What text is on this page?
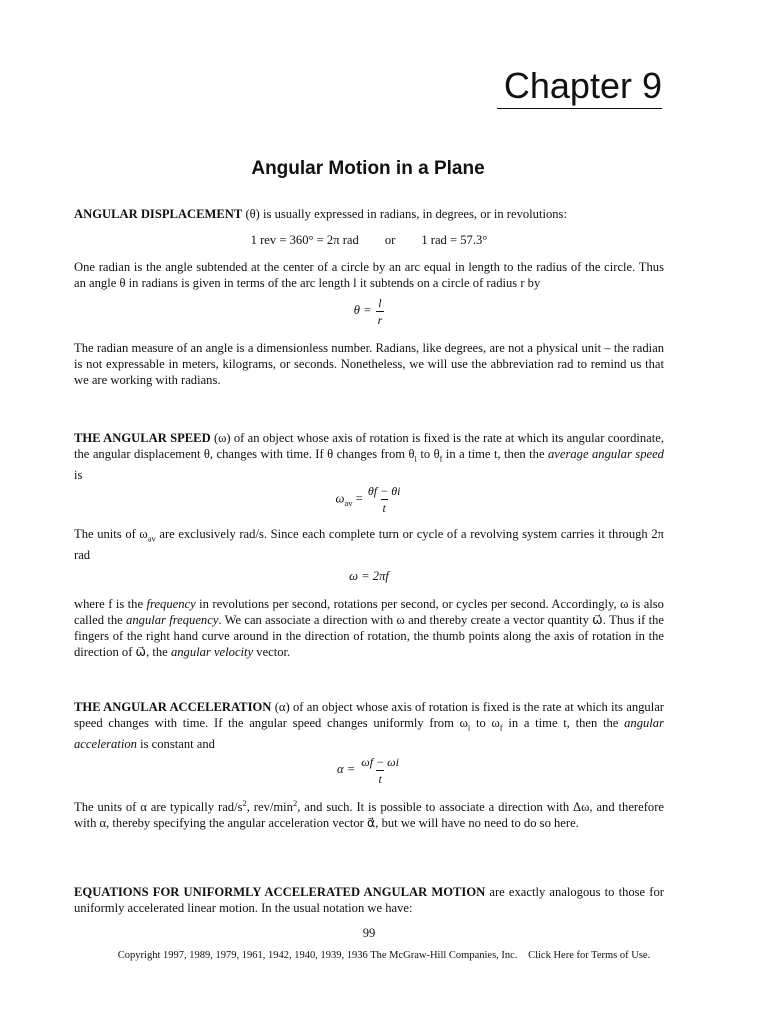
Chapter 9
Angular Motion in a Plane

ANGULAR DISPLACEMENT (θ) is usually expressed in radians, in degrees, or in revolutions:

1 rev = 360° = 2π rad or 1 rad = 57.3°

One radian is the angle subtended at the center of a circle by an arc equal in length to the radius of the circle. Thus an angle θ in radians is given in terms of the arc length l it subtends on a circle of radius r by

$\theta = \frac{l}{r}$

The radian measure of an angle is a dimensionless number. Radians, like degrees, are not a physical unit – the radian is not expressable in meters, kilograms, or seconds. Nonetheless, we will use the abbreviation rad to remind us that we are working with radians.

THE ANGULAR SPEED (ω) of an object whose axis of rotation is fixed is the rate at which its angular coordinate, the angular displacement θ, changes with time. If θ changes from $\theta_i$ to $\theta_f$ in a time t, then the average angular speed is

$\omega_{av} = \frac{\theta f - \theta i}{t}$

The units of $\omega_{av}$ are exclusively rad/s. Since each complete turn or cycle of a revolving system carries it through 2π rad

ω = 2πf

where f is the frequency in revolutions per second, rotations per second, or cycles per second. Accordingly, ω is also called the angular frequency. We can associate a direction with ω and thereby create a vector quantity ω⃗. Thus if the fingers of the right hand curve around in the direction of rotation, the thumb points along the axis of rotation in the direction of ω⃗, the angular velocity vector.

THE ANGULAR ACCELERATION (α) of an object whose axis of rotation is fixed is the rate at which its angular speed changes with time. If the angular speed changes uniformly from $\omega_i$ to $\omega_f$ in a time t, then the angular acceleration is constant and

$\alpha = \frac{\omega f - \omega i}{t}$

The units of α are typically rad/$s^2$, rev/$\min^2$, and such. It is possible to associate a direction with Δω, and therefore with α, thereby specifying the angular acceleration vector α⃗, but we will have no need to do so here.

EQUATIONS FOR UNIFORMLY ACCELERATED ANGULAR MOTION are exactly analogous to those for uniformly accelerated linear motion. In the usual notation we have:

99
Copyright 1997, 1989, 1979, 1961, 1942, 1940, 1939, 1936 The McGraw-Hill Companies, Inc. Click Here for Terms of Use.
